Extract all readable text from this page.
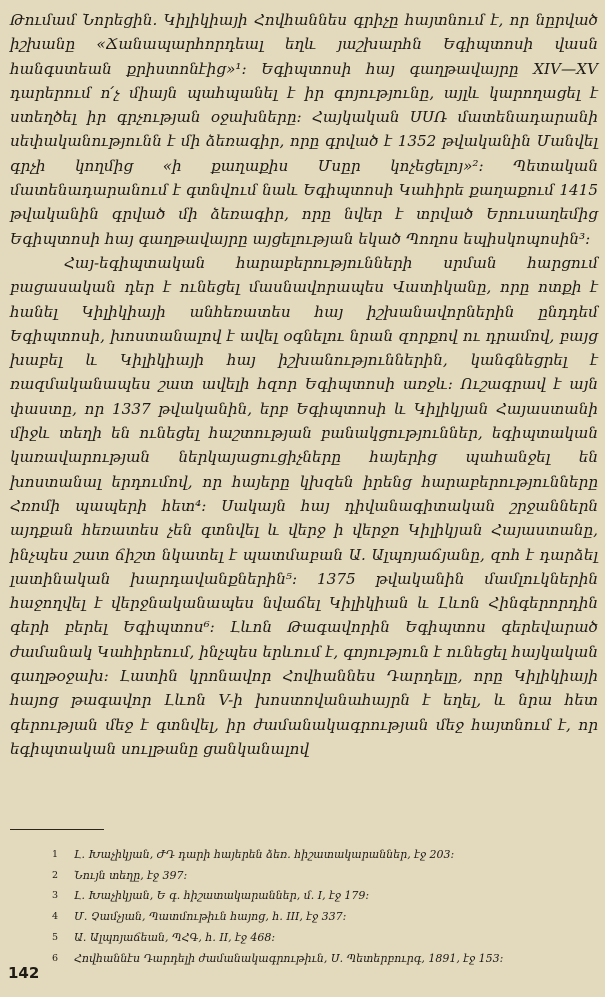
Թումամ Նորեցին. Կիլիկիայի Հովհաննես գրիչը հայտնում է, որ նըրված իշխանը «Ճանապարհորդեալ եղև յաշխարհն Եգիպտոսի վասն հանգստեան քրիստոնէից»¹: Եգիպտոսի հայ գաղթավայրը XIV—XV դարերում ո՛չ միայն պահպանել է իր գոյությունը, այլև կարողացել է ստեղծել իր գրչության օջախները: Հայկական ՍՍՌ մատենադարանի սեփականությունն է մի ձեռագիր, որը գրված է 1352 թվականին Մանվել գրչի կողմից «ի քաղաքիս Մսըր կոչեցելոյ»²: Պետական մատենադարանում է գտնվում նաև Եգիպտոսի Կահիրե քաղաքում 1415 թվականին գրված մի ձեռագիր, որը նվեր է տրված Երուսաղեմից Եգիպտոսի հայ գաղթավայրը այցելության եկած Պողոս եպիսկոպոսին³:

Հայ-եգիպտական հարաբերությունների սրման հարցում բացասական դեր է ունեցել մասնավորապես Վատիկանը, որը ոտքի է հանել Կիլիկիայի անհեռատես հայ իշխանավորներին ընդդեմ Եգիպտոսի, խոստանալով է ավել օգնելու նրան զորքով ու դրամով, բայց խաբել և Կիլիկիայի հայ իշխանություններին, կանգնեցրել է ռազմականապես շատ ավելի հզոր Եգիպտոսի առջև: Ուշագրավ է այն փաստը, որ 1337 թվականին, երբ Եգիպտոսի և Կիլիկյան Հայաստանի միջև տեղի են ունեցել հաշտության բանակցություններ, եգիպտական կառավարության ներկայացուցիչները հայերից պահանջել են խոստանալ երդումով, որ հայերը կխզեն իրենց հարաբերությունները Հռոմի պապերի հետ⁴: Սակայն հայ դիվանագիտական շրջաններն այդքան հեռատես չեն գտնվել և վերջ ի վերջո Կիլիկյան Հայաստանը, ինչպես շատ ճիշտ նկատել է պատմաբան Ա. Ալպոյաճյանը, զոհ է դարձել լատինական խարդավանքներին⁵: 1375 թվականին մամլուկներին հաջողվել է վերջնականապես նվաճել Կիլիկիան և Լևոն Հինգերորդին գերի բերել Եգիպտոս⁶: Լևոն Թագավորին Եգիպտոս գերեվարած ժամանակ Կահիրեում, ինչպես երևում է, գոյություն է ունեցել հայկական գաղթօջախ: Լատին կրոնավոր Հովհաննես Դարդելը, որը Կիլիկիայի հայոց թագավոր Լևոն V-ի խոստովանահայրն է եղել, և նրա հետ գերության մեջ է գտնվել, իր ժամանակագրության մեջ հայտնում է, որ եգիպտական սուլթանը ցանկանալով

1	Լ. Խաչիկյան, ԺԴ դարի հայերեն ձեռ. հիշատակարաններ, էջ 203:
2	Նույն տեղը, էջ 397:
3	Լ. Խաչիկյան, Ե գ. հիշատակարաններ, մ. I, էջ 179:
4	Մ. Չամչյան, Պատմութիւն հայոց, հ. III, էջ 337:
5	Ա. Ալպոյաճեան, ՊՀԳ, հ. II, էջ 468:
6	Հովհաննէս Դարդելի ժամանակագրութիւն, Ս. Պետերբուրգ, 1891, էջ 153:
142
